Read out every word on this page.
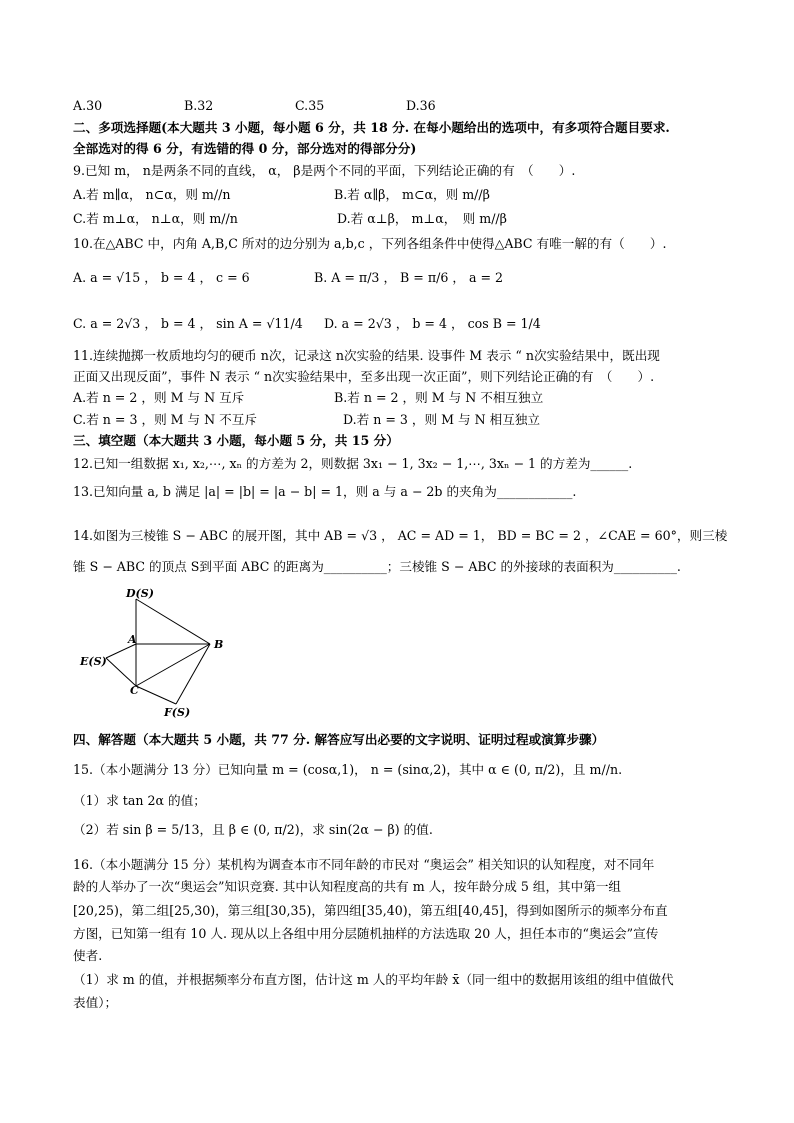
A.30	B.32	C.35	D.36
二、多项选择题(本大题共 3 小题，每小题 6 分，共 18 分. 在每小题给出的选项中，有多项符合题目要求.
全部选对的得 6 分，有选错的得 0 分，部分选对的得部分分)
9.已知 m， n是两条不同的直线， α， β是两个不同的平面，下列结论正确的有　（　　）.
A.若 m∥α， n⊂α，则 m//n	B.若 α∥β， m⊂α，则 m//β
C.若 m⊥α， n⊥α，则 m//n	D.若 α⊥β， m⊥α，　则 m//β
10.在△ABC 中，内角 A,B,C 所对的边分别为 a,b,c ，下列各组条件中使得△ABC 有唯一解的有（　　）.
A. a = √15 ， b = 4 ， c = 6	B. A = π/3 ， B = π/6 ， a = 2
C. a = 2√3 ， b = 4 ， sin A = √11/4 D. a = 2√3 ， b = 4 ， cos B = 1/4
11.连续抛掷一枚质地均匀的硬币 n次，记录这 n次实验的结果. 设事件 M 表示 “ n次实验结果中，既出现
正面又出现反面”，事件 N 表示 “ n次实验结果中，至多出现一次正面”，则下列结论正确的有　（　　）.
A.若 n = 2 ，则 M 与 N 互斥	B.若 n = 2 ，则 M 与 N 不相互独立
C.若 n = 3 ，则 M 与 N 不互斥	D.若 n = 3 ，则 M 与 N 相互独立
三、填空题（本大题共 3 小题，每小题 5 分，共 15 分）
12.已知一组数据 x₁, x₂,⋯, xₙ 的方差为 2，则数据 3x₁ − 1, 3x₂ − 1,⋯, 3xₙ − 1 的方差为______.
13.已知向量 a, b 满足 |a| = |b| = |a − b| = 1，则 a 与 a − 2b 的夹角为____________.
14.如图为三棱锥 S − ABC 的展开图，其中 AB = √3 ， AC = AD = 1， BD = BC = 2 ，∠CAE = 60°，则三棱
锥 S − ABC 的顶点 S到平面 ABC 的距离为__________；三棱锥 S − ABC 的外接球的表面积为__________.
D(S)
A	B
E(S)
C
F(S)
四、解答题（本大题共 5 小题，共 77 分. 解答应写出必要的文字说明、证明过程或演算步骤）
15.（本小题满分 13 分）已知向量 m = (cosα,1)， n = (sinα,2)，其中 α ∈ (0, π/2)，且 m//n.
（1）求 tan 2α 的值；
（2）若 sin β = 5/13，且 β ∈ (0, π/2)，求 sin(2α − β) 的值.
16.（本小题满分 15 分）某机构为调查本市不同年龄的市民对 “奥运会” 相关知识的认知程度，对不同年
龄的人举办了一次“奥运会”知识竞赛. 其中认知程度高的共有 m 人，按年龄分成 5 组，其中第一组
[20,25)，第二组[25,30)，第三组[30,35)，第四组[35,40)，第五组[40,45]，得到如图所示的频率分布直
方图，已知第一组有 10 人. 现从以上各组中用分层随机抽样的方法选取 20 人，担任本市的“奥运会”宣传
使者.
（1）求 m 的值，并根据频率分布直方图，估计这 m 人的平均年龄 x̄（同一组中的数据用该组的组中值做代
表值）；
